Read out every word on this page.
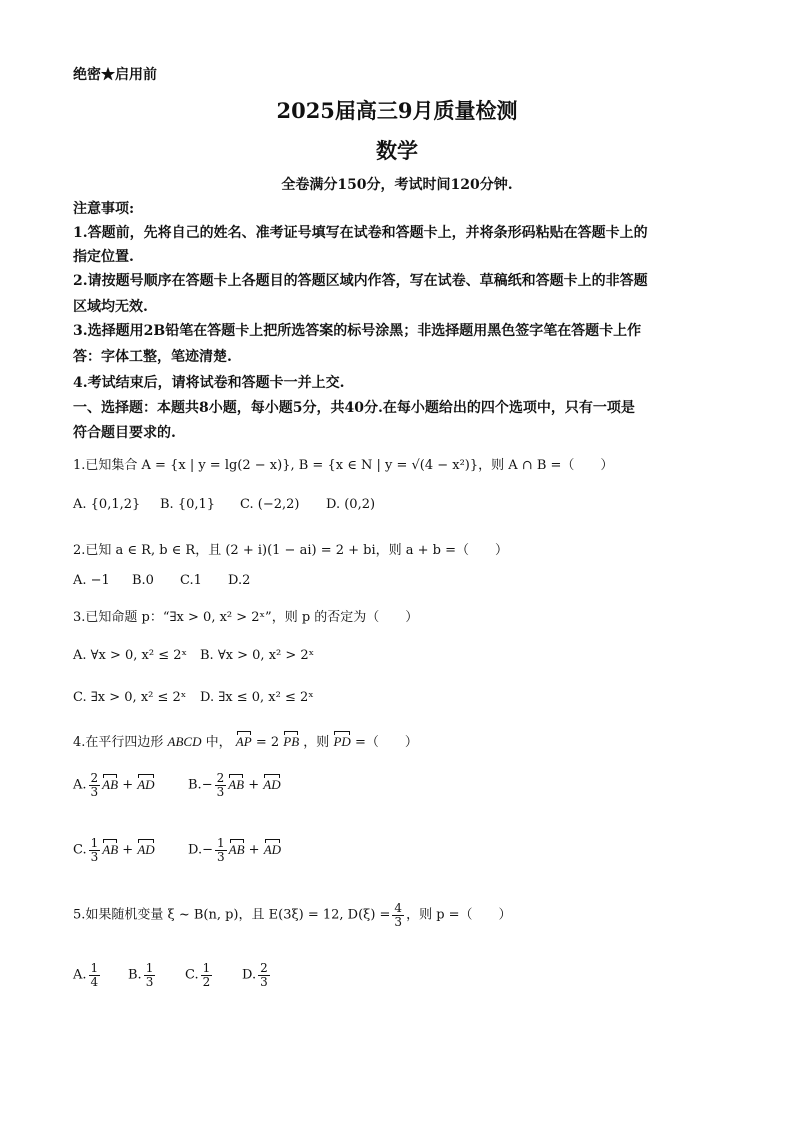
绝密★启用前
2025届高三9月质量检测
数学
全卷满分150分，考试时间120分钟.
注意事项:
1.答题前，先将自己的姓名、准考证号填写在试卷和答题卡上，并将条形码粘贴在答题卡上的
指定位置.
2.请按题号顺序在答题卡上各题目的答题区域内作答，写在试卷、草稿纸和答题卡上的非答题
区域均无效.
3.选择题用2B铅笔在答题卡上把所选答案的标号涂黑；非选择题用黑色签字笔在答题卡上作
答：字体工整，笔迹清楚.
4.考试结束后，请将试卷和答题卡一并上交.
一、选择题：本题共8小题，每小题5分，共40分.在每小题给出的四个选项中，只有一项是
符合题目要求的.
1.已知集合 A = {x | y = lg(2 − x)}, B = {x ∈ N | y = √(4 − x²)}，则 A ∩ B =（　　）
A. {0,1,2} B. {0,1} C. (−2,2) D. (0,2)
2.已知 a ∈ R, b ∈ R，且 (2 + i)(1 − ai) = 2 + bi，则 a + b =（　　）
A. −1 B.0 C.1 D.2
3.已知命题 p：“∃x > 0, x² > 2ˣ”，则 p 的否定为（　　）
A. ∀x > 0, x² ≤ 2ˣ B. ∀x > 0, x² > 2ˣ
C. ∃x > 0, x² ≤ 2ˣ D. ∃x ≤ 0, x² ≤ 2ˣ
4.在平行四边形 ABCD 中， AP = 2 PB ，则 PD =（　　）
A. $\frac{2}{3}$ AB + AD	$B.- \frac{2}{3}$ AB + AD
C. $\frac{1}{3}$ AB + AD	$D.- \frac{1}{3}$ AB + AD
5.如果随机变量 ξ ~ B(n, p)，且 E(3ξ) = 12, $D(\xi) = \frac{4}{3}$ ，则 p =（　　）
A. $\frac{1}{4} B$. $\frac{1}{3} C$. $\frac{1}{2} D$. $\frac{2}{3}$
